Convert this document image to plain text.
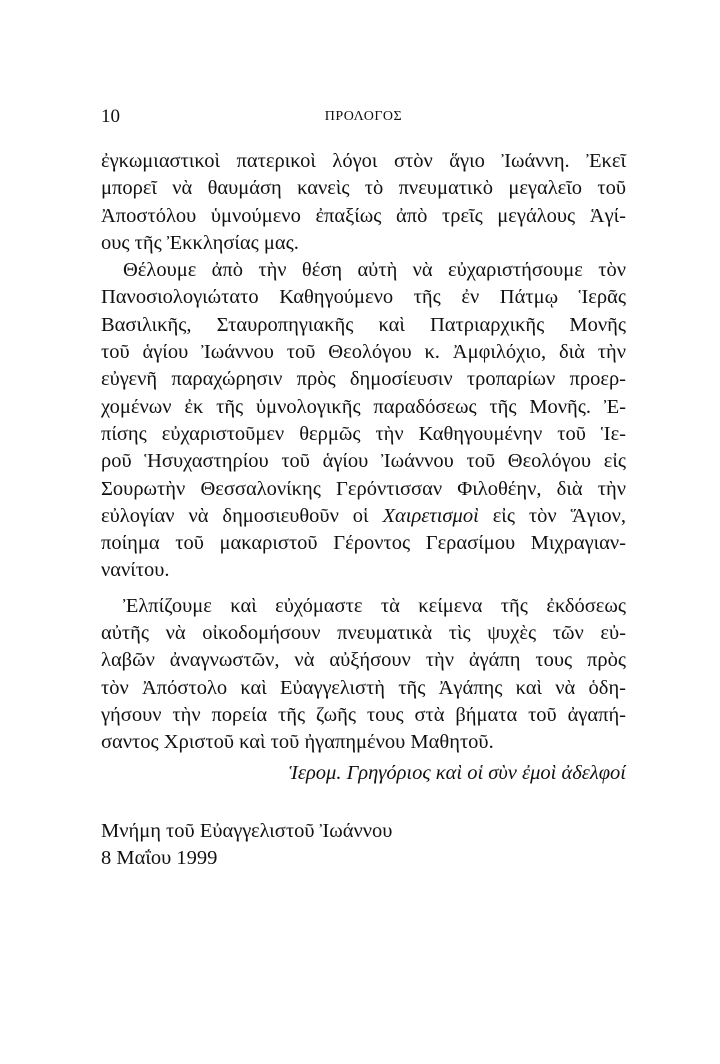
10	ΠΡΟΛΟΓΟΣ
ἐγκωμιαστικοὶ πατερικοὶ λόγοι στὸν ἅγιο Ἰωάννη. Ἐκεῖ
μπορεῖ νὰ θαυμάση κανεὶς τὸ πνευματικὸ μεγαλεῖο τοῦ
Ἀποστόλου ὑμνούμενο ἐπαξίως ἀπὸ τρεῖς μεγάλους Ἁγί-
ους τῆς Ἐκκλησίας μας.
Θέλουμε ἀπὸ τὴν θέση αὐτὴ νὰ εὐχαριστήσουμε τὸν
Πανοσιολογιώτατο Καθηγούμενο τῆς ἐν Πάτμῳ Ἱερᾶς
Βασιλικῆς, Σταυροπηγιακῆς καὶ Πατριαρχικῆς Μονῆς
τοῦ ἁγίου Ἰωάννου τοῦ Θεολόγου κ. Ἀμφιλόχιο, διὰ τὴν
εὐγενῆ παραχώρησιν πρὸς δημοσίευσιν τροπαρίων προερ-
χομένων ἐκ τῆς ὑμνολογικῆς παραδόσεως τῆς Μονῆς. Ἐ-
πίσης εὐχαριστοῦμεν θερμῶς τὴν Καθηγουμένην τοῦ Ἱε-
ροῦ Ἡσυχαστηρίου τοῦ ἁγίου Ἰωάννου τοῦ Θεολόγου εἰς
Σουρωτὴν Θεσσαλονίκης Γερόντισσαν Φιλοθέην, διὰ τὴν
εὐλογίαν νὰ δημοσιευθοῦν οἱ Χαιρετισμοὶ εἰς τὸν Ἅγιον,
ποίημα τοῦ μακαριστοῦ Γέροντος Γερασίμου Μιχραγιαν-
νανίτου.
Ἐλπίζουμε καὶ εὐχόμαστε τὰ κείμενα τῆς ἐκδόσεως
αὐτῆς νὰ οἰκοδομήσουν πνευματικὰ τὶς ψυχὲς τῶν εὐ-
λαβῶν ἀναγνωστῶν, νὰ αὐξήσουν τὴν ἀγάπη τους πρὸς
τὸν Ἀπόστολο καὶ Εὐαγγελιστὴ τῆς Ἀγάπης καὶ νὰ ὁδη-
γήσουν τὴν πορεία τῆς ζωῆς τους στὰ βήματα τοῦ ἀγαπή-
σαντος Χριστοῦ καὶ τοῦ ἠγαπημένου Μαθητοῦ.
Ἱερομ. Γρηγόριος καὶ οἱ σὺν ἐμοὶ ἀδελφοί
Μνήμη τοῦ Εὐαγγελιστοῦ Ἰωάννου
8 Μαΐου 1999
